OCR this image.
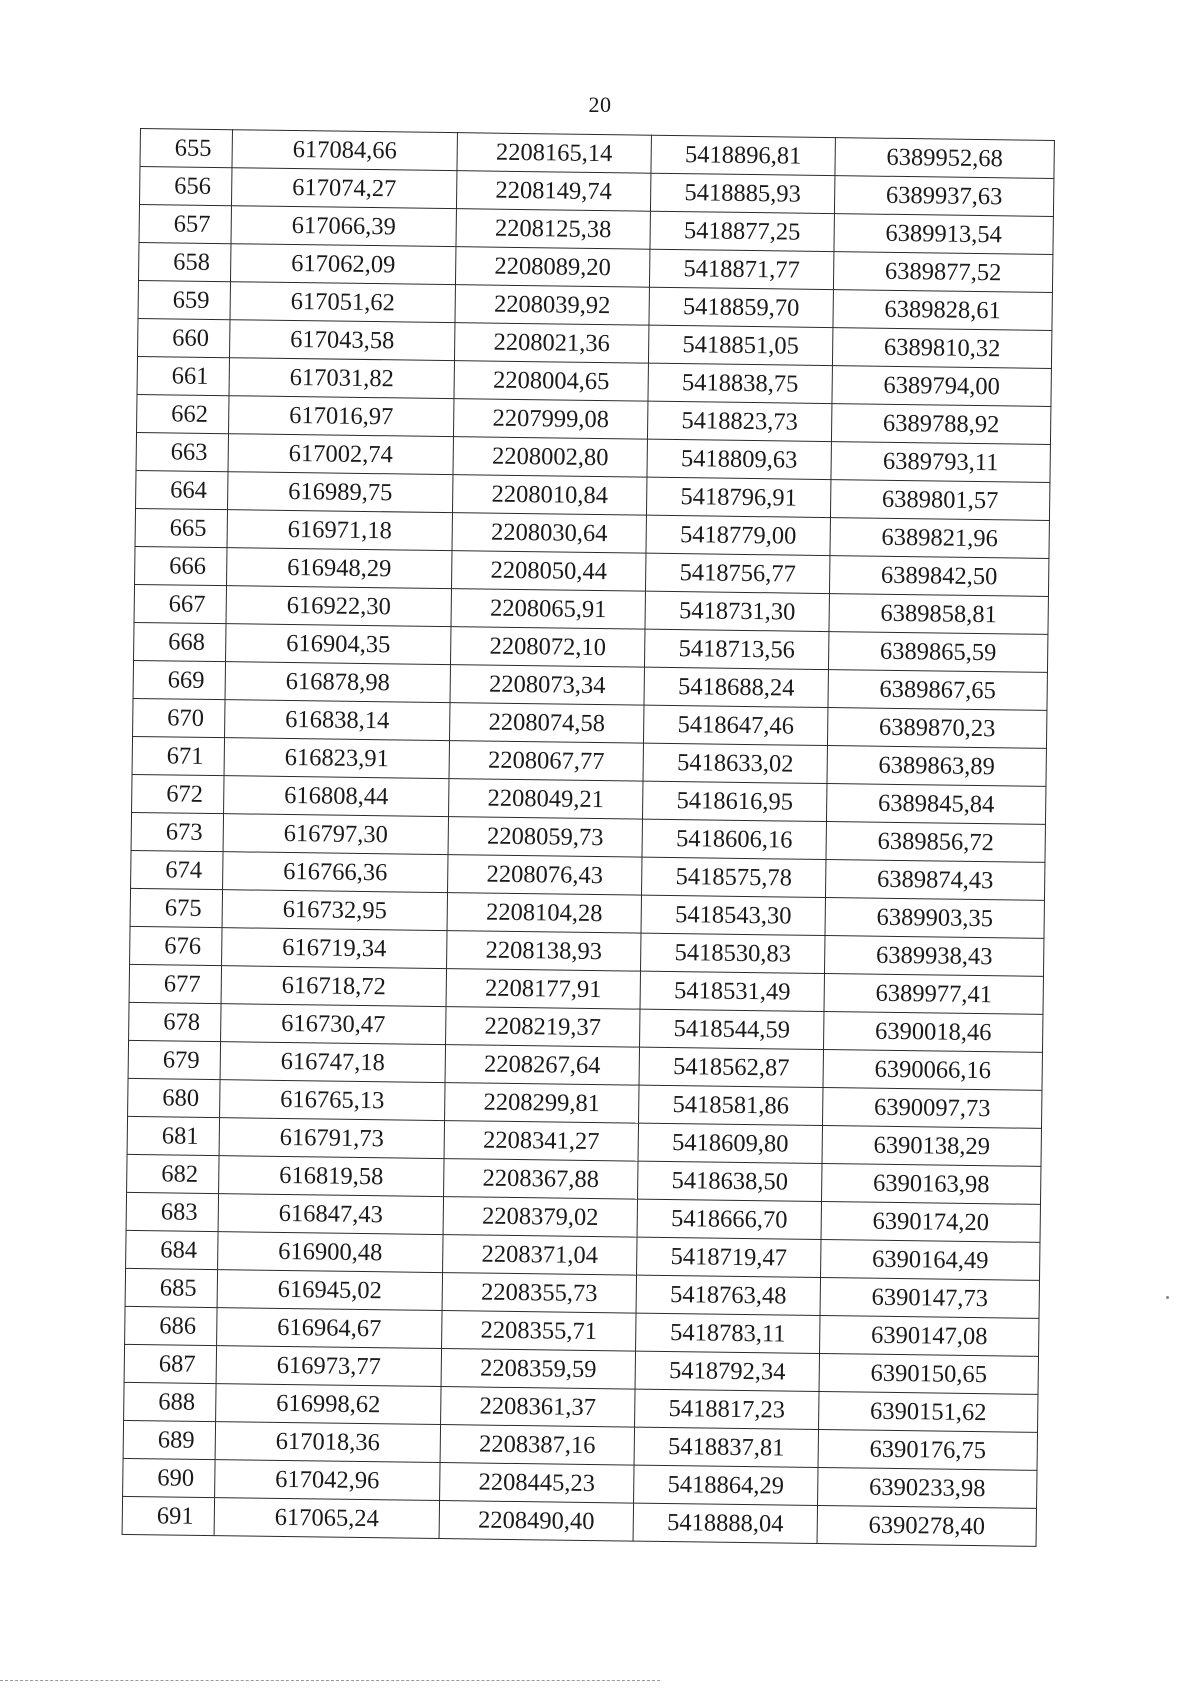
20
655	617084,66	2208165,14	5418896,81	6389952,68
656	617074,27	2208149,74	5418885,93	6389937,63
657	617066,39	2208125,38	5418877,25	6389913,54
658	617062,09	2208089,20	5418871,77	6389877,52
659	617051,62	2208039,92	5418859,70	6389828,61
660	617043,58	2208021,36	5418851,05	6389810,32
661	617031,82	2208004,65	5418838,75	6389794,00
662	617016,97	2207999,08	5418823,73	6389788,92
663	617002,74	2208002,80	5418809,63	6389793,11
664	616989,75	2208010,84	5418796,91	6389801,57
665	616971,18	2208030,64	5418779,00	6389821,96
666	616948,29	2208050,44	5418756,77	6389842,50
667	616922,30	2208065,91	5418731,30	6389858,81
668	616904,35	2208072,10	5418713,56	6389865,59
669	616878,98	2208073,34	5418688,24	6389867,65
670	616838,14	2208074,58	5418647,46	6389870,23
671	616823,91	2208067,77	5418633,02	6389863,89
672	616808,44	2208049,21	5418616,95	6389845,84
673	616797,30	2208059,73	5418606,16	6389856,72
674	616766,36	2208076,43	5418575,78	6389874,43
675	616732,95	2208104,28	5418543,30	6389903,35
676	616719,34	2208138,93	5418530,83	6389938,43
677	616718,72	2208177,91	5418531,49	6389977,41
678	616730,47	2208219,37	5418544,59	6390018,46
679	616747,18	2208267,64	5418562,87	6390066,16
680	616765,13	2208299,81	5418581,86	6390097,73
681	616791,73	2208341,27	5418609,80	6390138,29
682	616819,58	2208367,88	5418638,50	6390163,98
683	616847,43	2208379,02	5418666,70	6390174,20
684	616900,48	2208371,04	5418719,47	6390164,49
685	616945,02	2208355,73	5418763,48	6390147,73
686	616964,67	2208355,71	5418783,11	6390147,08
687	616973,77	2208359,59	5418792,34	6390150,65
688	616998,62	2208361,37	5418817,23	6390151,62
689	617018,36	2208387,16	5418837,81	6390176,75
690	617042,96	2208445,23	5418864,29	6390233,98
691	617065,24	2208490,40	5418888,04	6390278,40
